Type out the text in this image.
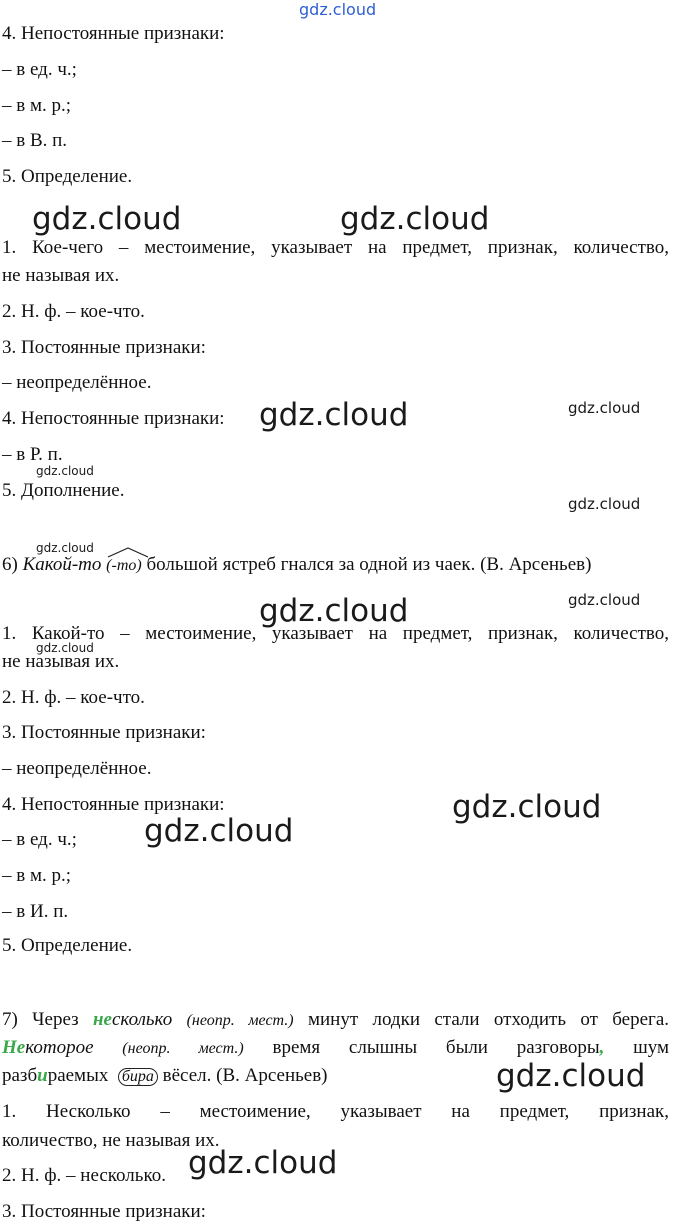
gdz.cloud
4. Непостоянные признаки:
– в ед. ч.;
– в м. р.;
– в В. п.
5. Определение.
gdz.cloud	gdz.cloud
1. Кое-чего – местоимение, указывает на предмет, признак, количество,
не называя их.
2. Н. ф. – кое-что.
3. Постоянные признаки:
– неопределённое.
4. Непостоянные признаки:	gdz.cloud	gdz.cloud
– в Р. п.
gdz.cloud
5. Дополнение.
gdz.cloud
gdz.cloud
6) Какой-то (-то) большой ястреб гнался за одной из чаек. (В. Арсеньев)
gdz.cloud	gdz.cloud
1. Какой-то – местоимение, указывает на предмет, признак, количество,
gdz.cloud
не называя их.
2. Н. ф. – кое-что.
3. Постоянные признаки:
– неопределённое.
4. Непостоянные признаки:	gdz.cloud
gdz.cloud
– в ед. ч.;
– в м. р.;
– в И. п.
5. Определение.
7) Через несколько (неопр. мест.) минут лодки стали отходить от берега.
Некоторое (неопр. мест.) время слышны были разговоры, шум
разбираемых бира вёсел. (В. Арсеньев)	gdz.cloud
1. Несколько – местоимение, указывает на предмет, признак,
количество, не называя их.
2. Н. ф. – несколько. gdz.cloud
3. Постоянные признаки:
